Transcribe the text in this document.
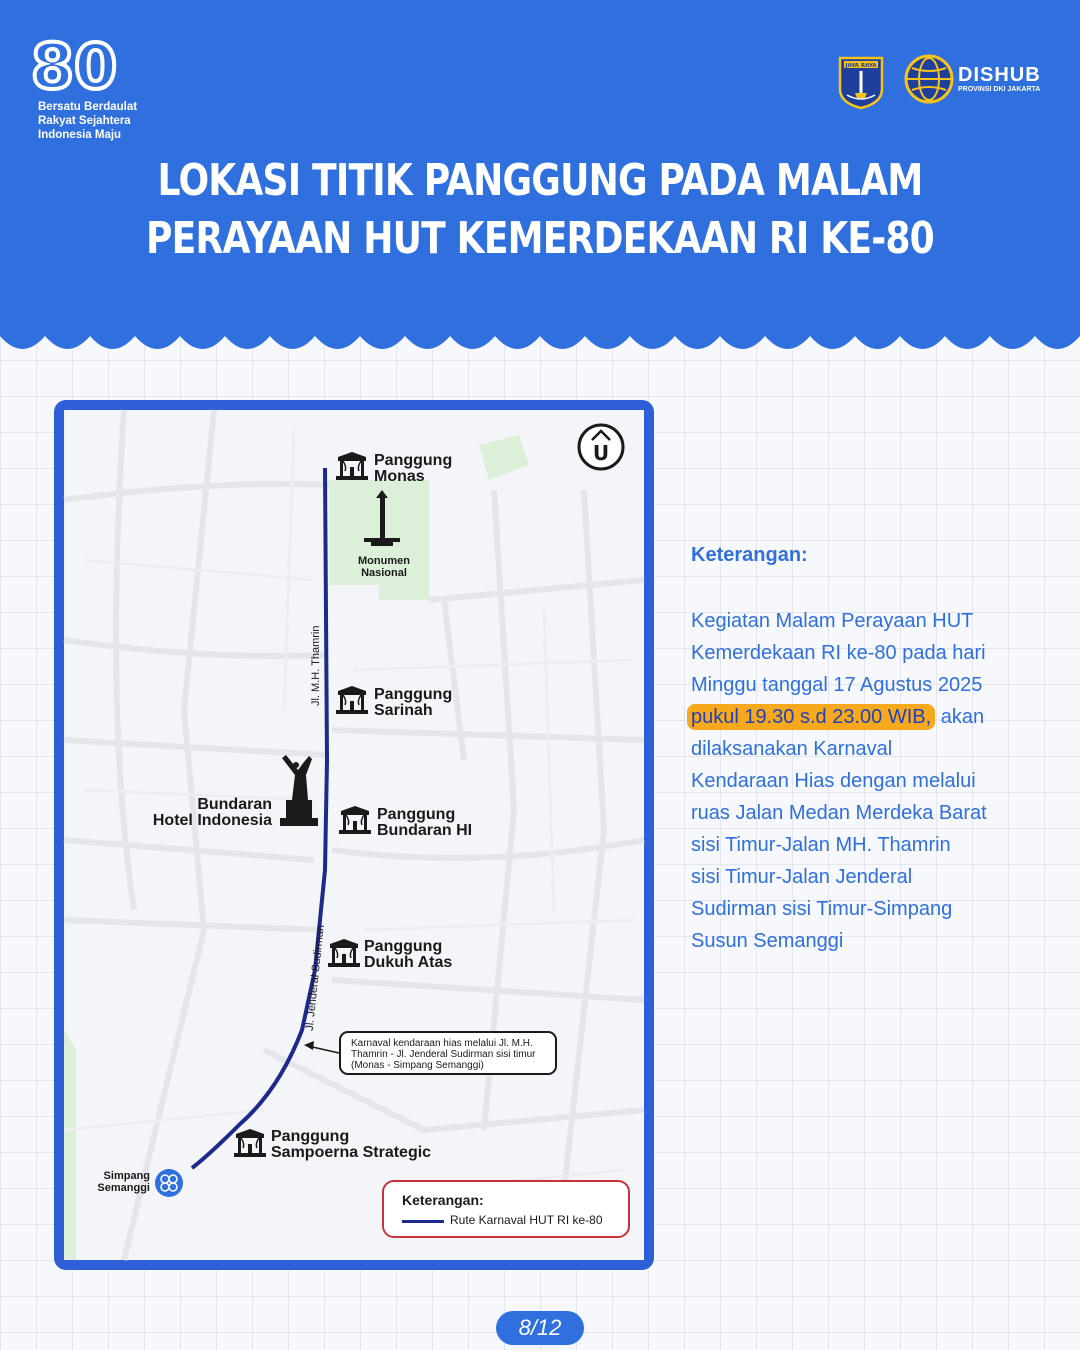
80
Bersatu Berdaulat
Rakyat Sejahtera
Indonesia Maju
JAYA RAYA	DISHUB
PROVINSI DKI JAKARTA
LOKASI TITIK PANGGUNG PADA MALAM
PERAYAAN HUT KEMERDEKAAN RI KE-80
U
Panggung
Monas
Panggung
Sarinah
Panggung
Bundaran HI
Panggung
Dukuh Atas
Panggung
Sampoerna Strategic
Monumen
Nasional
Bundaran
Hotel Indonesia
Simpang
Semanggi
Jl. M.H. Thamrin
Jl. Jenderal Sudirman
Karnaval kendaraan hias melalui Jl. M.H.
Thamrin - Jl. Jenderal Sudirman sisi timur
(Monas - Simpang Semanggi)
Keterangan:
Rute Karnaval HUT RI ke-80
Keterangan:
Kegiatan Malam Perayaan HUT
Kemerdekaan RI ke-80 pada hari
Minggu tanggal 17 Agustus 2025
pukul 19.30 s.d 23.00 WIB, akan
dilaksanakan Karnaval
Kendaraan Hias dengan melalui
ruas Jalan Medan Merdeka Barat
sisi Timur-Jalan MH. Thamrin
sisi Timur-Jalan Jenderal
Sudirman sisi Timur-Simpang
Susun Semanggi
8/12
